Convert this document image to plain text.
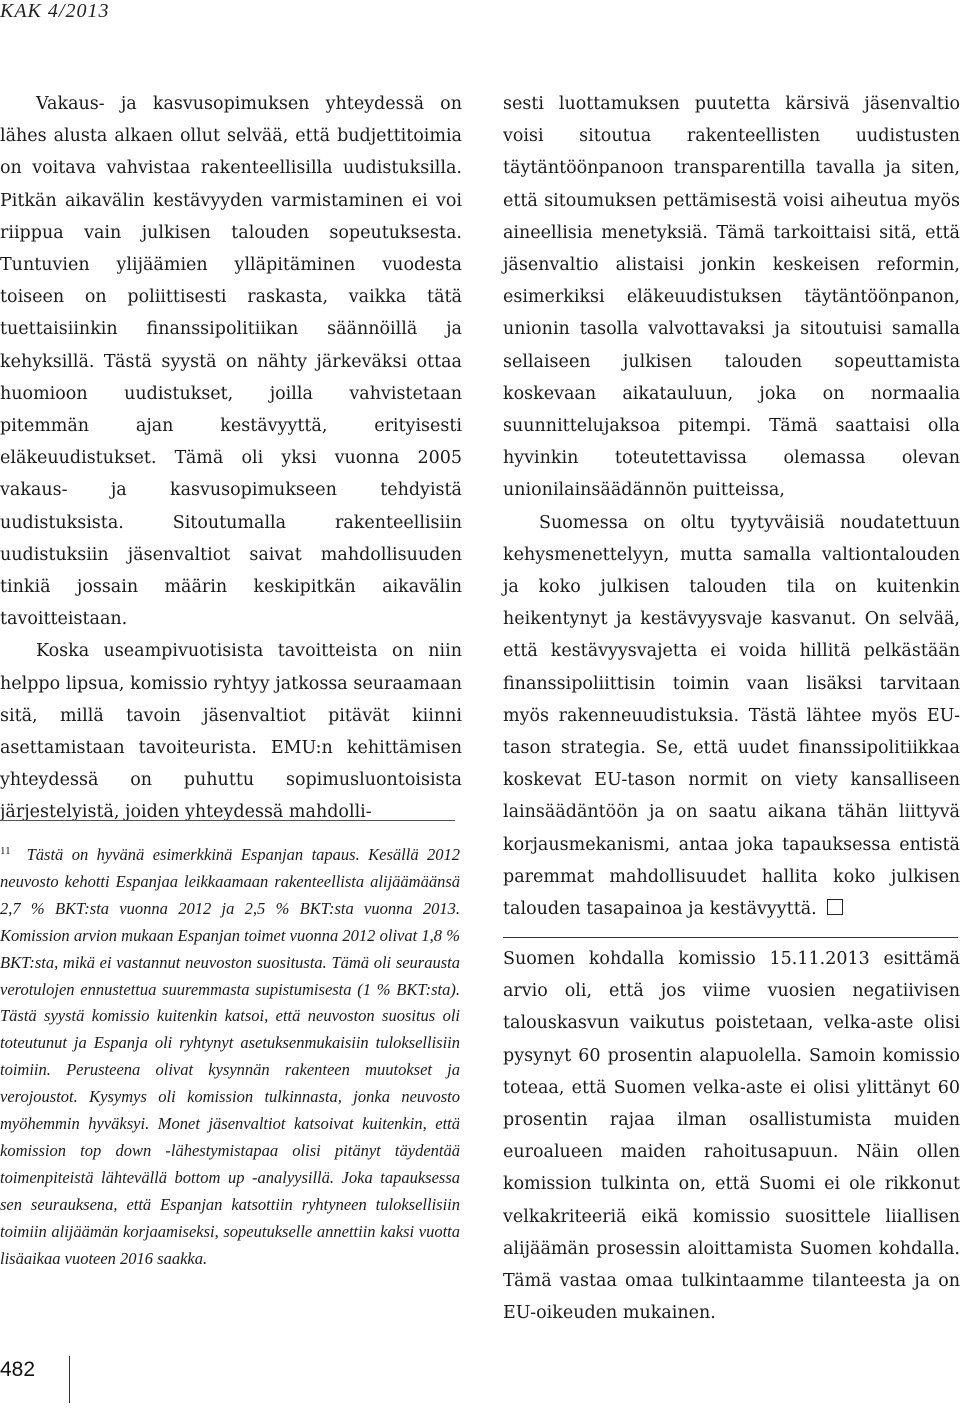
KAK 4/2013

Vakaus- ja kasvusopimuksen yhteydessä on lähes alusta alkaen ollut selvää, että budjettitoimia on voitava vahvistaa rakenteellisilla uudistuksilla. Pitkän aikavälin kestävyyden varmistaminen ei voi riippua vain julkisen talouden sopeutuksesta. Tuntuvien ylijäämien ylläpitäminen vuodesta toiseen on poliittisesti raskasta, vaikka tätä tuettaisiinkin finanssipolitiikan säännöillä ja kehyksillä. Tästä syystä on nähty järkeväksi ottaa huomioon uudistukset, joilla vahvistetaan pitemmän ajan kestävyyttä, erityisesti eläkeuudistukset. Tämä oli yksi vuonna 2005 vakaus- ja kasvusopimukseen tehdyistä uudistuksista. Sitoutumalla rakenteellisiin uudistuksiin jäsenvaltiot saivat mahdollisuuden tinkiä jossain määrin keskipitkän aikavälin tavoitteistaan.

Koska useampivuotisista tavoitteista on niin helppo lipsua, komissio ryhtyy jatkossa seuraamaan sitä, millä tavoin jäsenvaltiot pitävät kiinni asettamistaan tavoiteurista. EMU:n kehittämisen yhteydessä on puhuttu sopimusluontoisista järjestelyistä, joiden yhteydessä mahdolli-

$^{11}$ Tästä on hyvänä esimerkkinä Espanjan tapaus. Kesällä 2012 neuvosto kehotti Espanjaa leikkaamaan rakenteellista alijäämäänsä 2,7 % BKT:sta vuonna 2012 ja 2,5 % BKT:sta vuonna 2013. Komission arvion mukaan Espanjan toimet vuonna 2012 olivat 1,8 % BKT:sta, mikä ei vastannut neuvoston suositusta. Tämä oli seurausta verotulojen ennustettua suuremmasta supistumisesta (1 % BKT:sta). Tästä syystä komissio kuitenkin katsoi, että neuvoston suositus oli toteutunut ja Espanja oli ryhtynyt asetuksenmukaisiin tuloksellisiin toimiin. Perusteena olivat kysynnän rakenteen muutokset ja verojoustot. Kysymys oli komission tulkinnasta, jonka neuvosto myöhemmin hyväksyi. Monet jäsenvaltiot katsoivat kuitenkin, että komission top down -lähestymistapaa olisi pitänyt täydentää toimenpiteistä lähtevällä bottom up -analyysillä. Joka tapauksessa sen seurauksena, että Espanjan katsottiin ryhtyneen tuloksellisiin toimiin alijäämän korjaamiseksi, sopeutukselle annettiin kaksi vuotta lisäaikaa vuoteen 2016 saakka.

sesti luottamuksen puutetta kärsivä jäsenvaltio voisi sitoutua rakenteellisten uudistusten täytäntöönpanoon transparentilla tavalla ja siten, että sitoumuksen pettämisestä voisi aiheutua myös aineellisia menetyksiä. Tämä tarkoittaisi sitä, että jäsenvaltio alistaisi jonkin keskeisen reformin, esimerkiksi eläkeuudistuksen täytäntöönpanon, unionin tasolla valvottavaksi ja sitoutuisi samalla sellaiseen julkisen talouden sopeuttamista koskevaan aikatauluun, joka on normaalia suunnittelujaksoa pitempi. Tämä saattaisi olla hyvinkin toteutettavissa olemassa olevan unionilainsäädännön puitteissa,

Suomessa on oltu tyytyväisiä noudatettuun kehysmenettelyyn, mutta samalla valtiontalouden ja koko julkisen talouden tila on kuitenkin heikentynyt ja kestävyysvaje kasvanut. On selvää, että kestävyysvajetta ei voida hillitä pelkästään finanssipoliittisin toimin vaan lisäksi tarvitaan myös rakenneuudistuksia. Tästä lähtee myös EU-tason strategia. Se, että uudet finanssipolitiikkaa koskevat EU-tason normit on viety kansalliseen lainsäädäntöön ja on saatu aikana tähän liittyvä korjausmekanismi, antaa joka tapauksessa entistä paremmat mahdollisuudet hallita koko julkisen talouden tasapainoa ja kestävyyttä.

Suomen kohdalla komissio 15.11.2013 esittämä arvio oli, että jos viime vuosien negatiivisen talouskasvun vaikutus poistetaan, velka-aste olisi pysynyt 60 prosentin alapuolella. Samoin komissio toteaa, että Suomen velka-aste ei olisi ylittänyt 60 prosentin rajaa ilman osallistumista muiden euroalueen maiden rahoitusapuun. Näin ollen komission tulkinta on, että Suomi ei ole rikkonut velkakriteeriä eikä komissio suosittele liiallisen alijäämän prosessin aloittamista Suomen kohdalla. Tämä vastaa omaa tulkintaamme tilanteesta ja on EU-oikeuden mukainen.

482
